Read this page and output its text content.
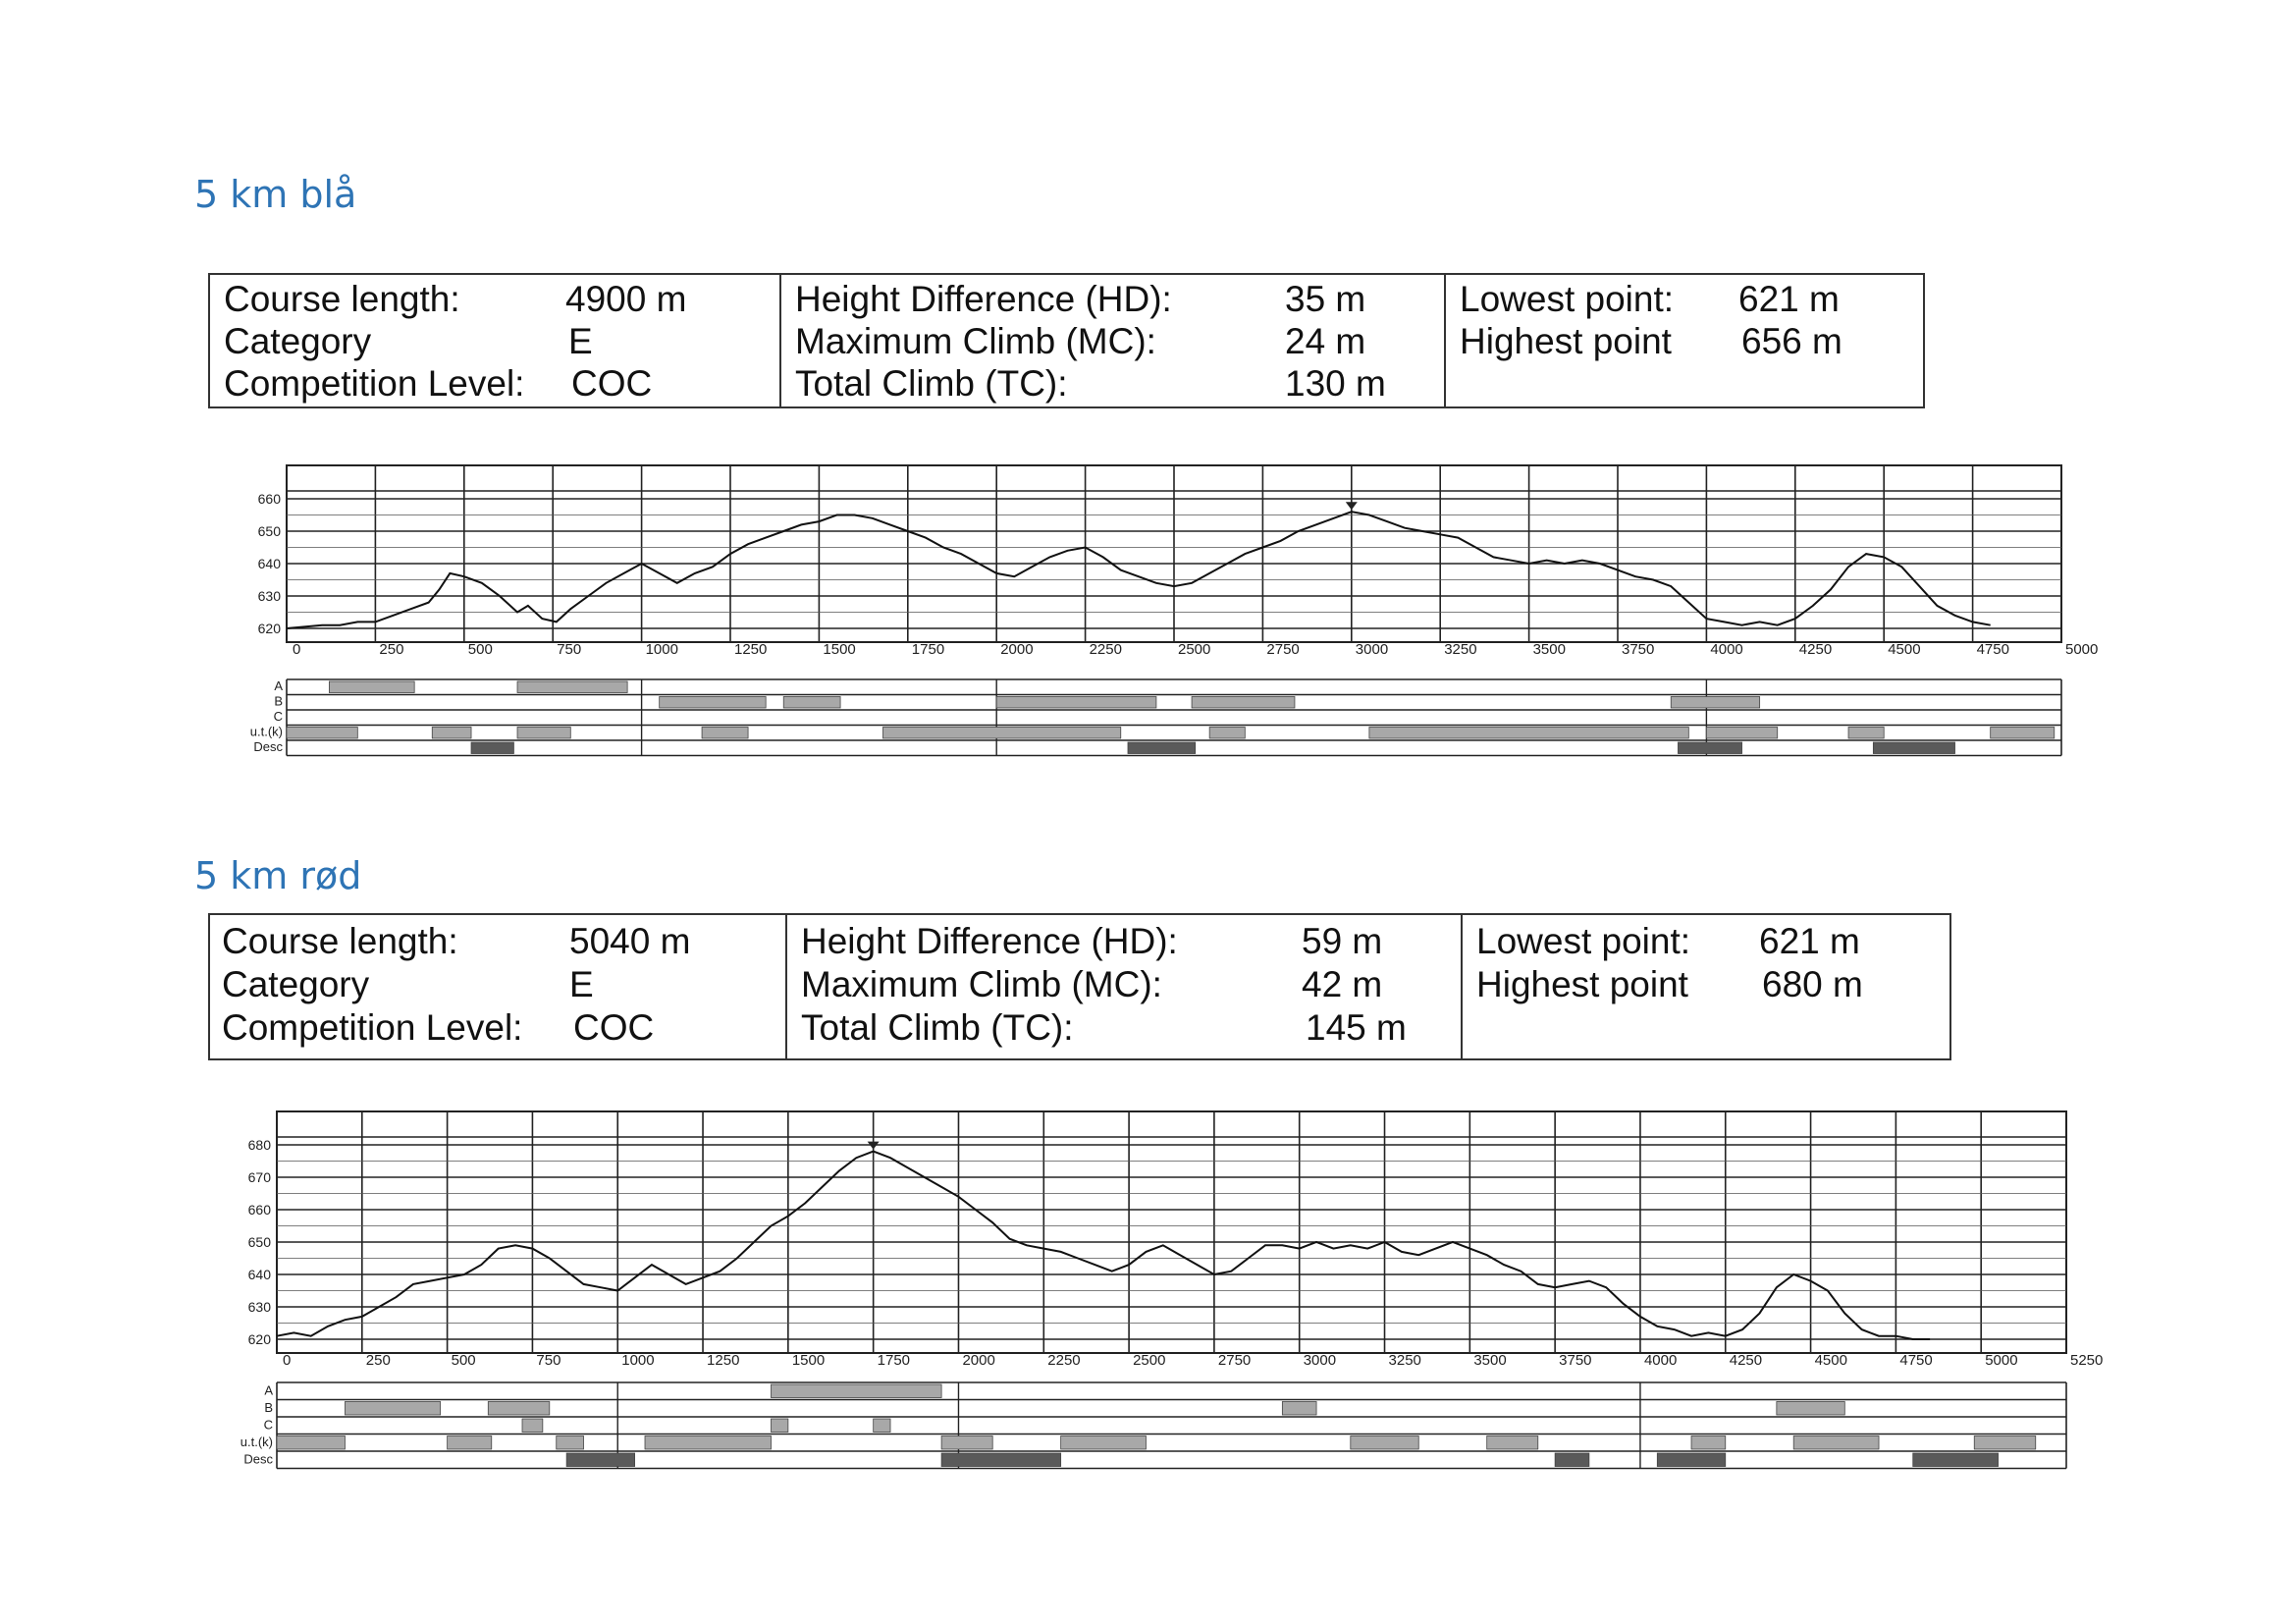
5 km blå
Course length:	4900 m
Category	E
Competition Level: COC
Height Difference (HD):	35 m
Maximum Climb (MC):	24 m
Total Climb (TC):	130 m
Lowest point: 621 m
Highest point 656 m
5 km rød
Course length:	5040 m
Category	E
Competition Level: COC
Height Difference (HD):	59 m
Maximum Climb (MC):	42 m
Total Climb (TC):	145 m
Lowest point: 621 m
Highest point 680 m
0	250	500	750	1000	1250	1500	1750	2000	2250	2500	2750	3000	3250	3500	3750	4000	4250	4500	4750	5000
620
630
640
650
660
A
B
C
u.t.(k)
Desc
0	250	500	750	1000	1250	1500	1750	2000	2250	2500	2750	3000	3250	3500	3750	4000	4250	4500	4750	5000	5250
620
630
640
650
660
670
680
A
B
C
u.t.(k)
Desc
